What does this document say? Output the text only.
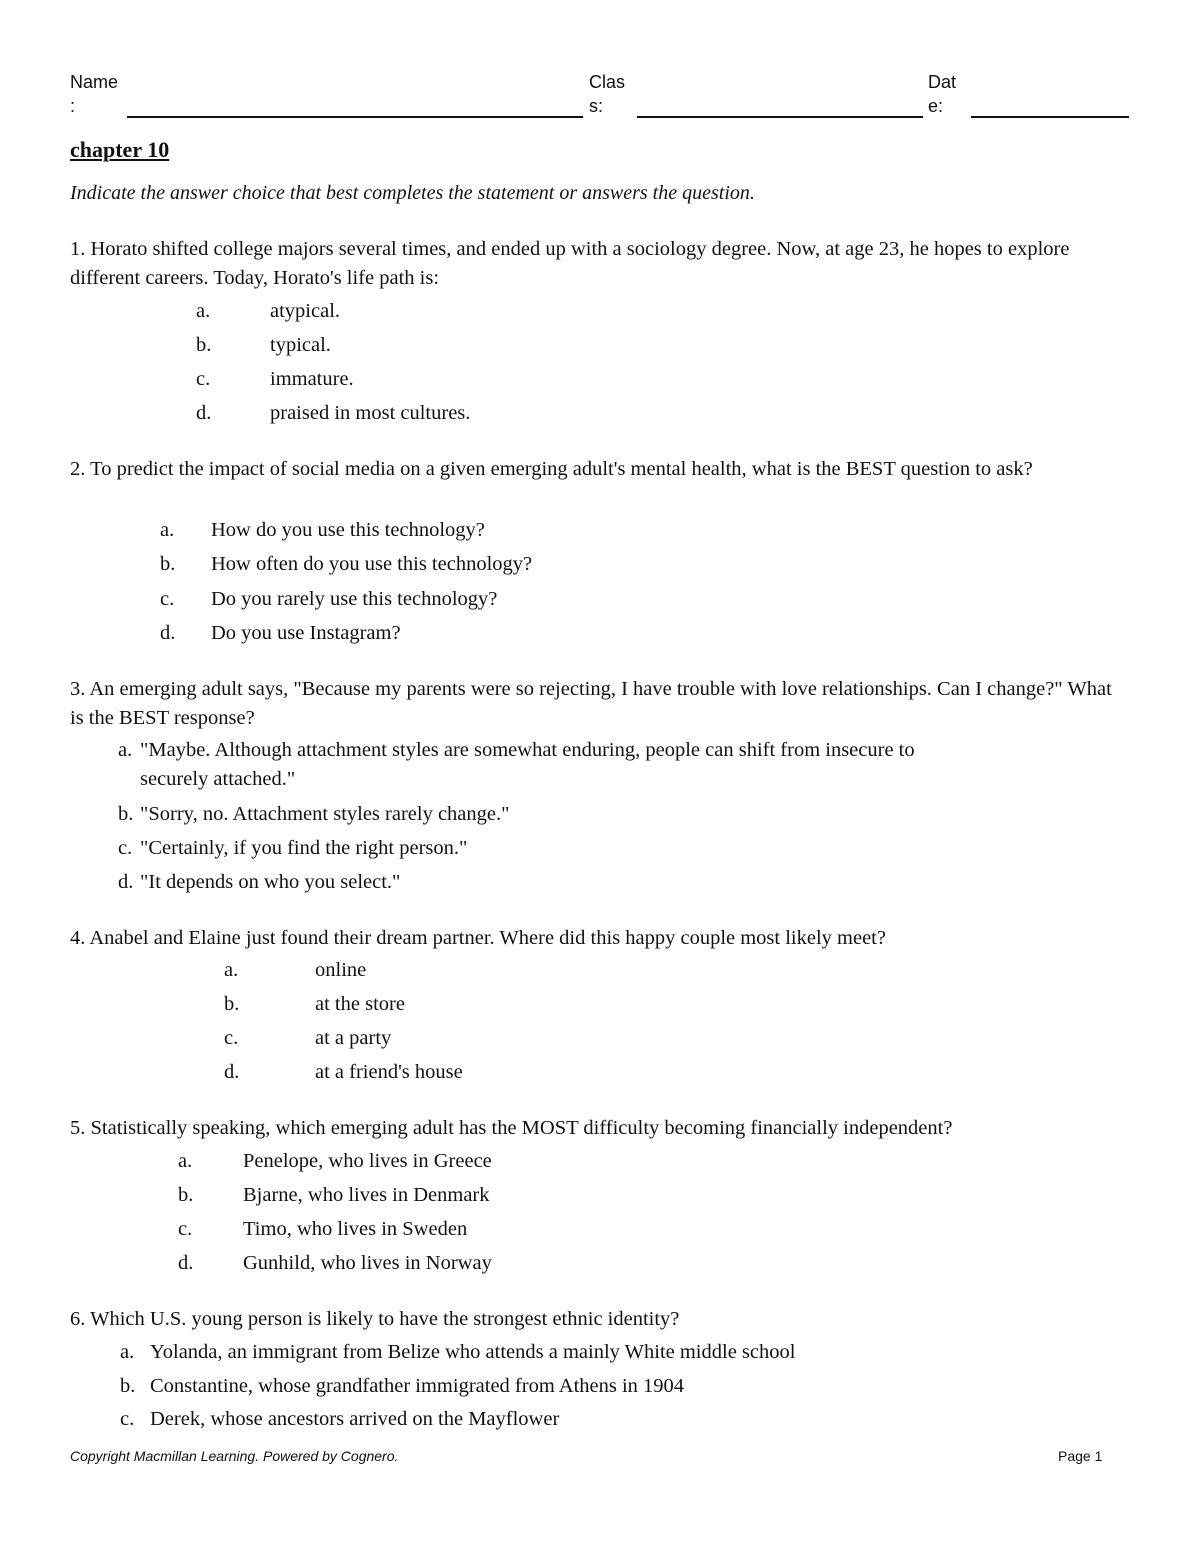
Name
:
Clas
s:
Dat
e:
chapter 10
Indicate the answer choice that best completes the statement or answers the question.
1. Horato shifted college majors several times, and ended up with a sociology degree. Now, at age 23, he hopes to explore different careers. Today, Horato's life path is:
a.	atypical.
b.	typical.
c.	immature.
d.	praised in most cultures.
2. To predict the impact of social media on a given emerging adult's mental health, what is the BEST question to ask?
a. How do you use this technology?
b. How often do you use this technology?
c. Do you rarely use this technology?
d. Do you use Instagram?
3. An emerging adult says, "Because my parents were so rejecting, I have trouble with love relationships. Can I change?" What is the BEST response?
a. "Maybe. Although attachment styles are somewhat enduring, people can shift from insecure to
securely attached."
b. "Sorry, no. Attachment styles rarely change."
c. "Certainly, if you find the right person."
d. "It depends on who you select."
4. Anabel and Elaine just found their dream partner. Where did this happy couple most likely meet?
a.	online
b.	at the store
c.	at a party
d.	at a friend's house
5. Statistically speaking, which emerging adult has the MOST difficulty becoming financially independent?
a. Penelope, who lives in Greece
b. Bjarne, who lives in Denmark
c. Timo, who lives in Sweden
d. Gunhild, who lives in Norway
6. Which U.S. young person is likely to have the strongest ethnic identity?
a. Yolanda, an immigrant from Belize who attends a mainly White middle school
b. Constantine, whose grandfather immigrated from Athens in 1904
c. Derek, whose ancestors arrived on the Mayflower
Copyright Macmillan Learning. Powered by Cognero.	Page 1
